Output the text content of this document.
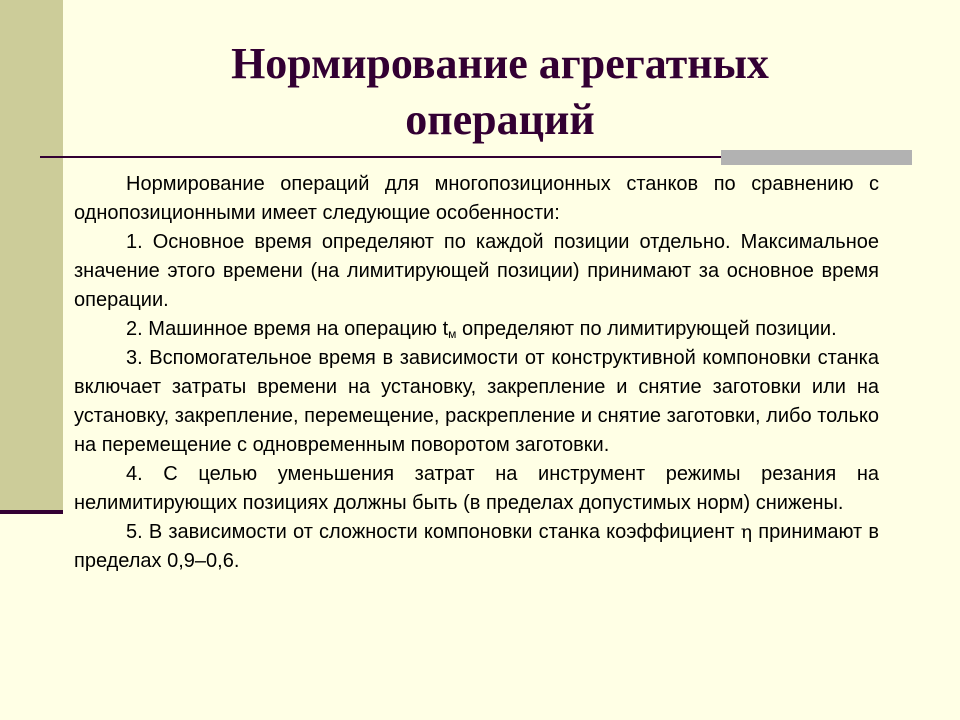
Нормирование агрегатных
операций

Нормирование операций для многопозиционных станков по сравнению с однопозиционными имеет следующие особенности:

1. Основное время определяют по каждой позиции отдельно. Максимальное значение этого времени (на лимитирующей позиции) принимают за основное время операции.

2. Машинное время на операцию $t_м$ определяют по лимитирующей позиции.

3. Вспомогательное время в зависимости от конструктивной компоновки станка включает затраты времени на установку, закрепление и снятие заготовки или на установку, закрепление, перемещение, раскрепление и снятие заготовки, либо только на перемещение с одновременным поворотом заготовки.

4. С целью уменьшения затрат на инструмент режимы резания на нелимитирующих позициях должны быть (в пределах допустимых норм) снижены.

5. В зависимости от сложности компоновки станка коэффициент η принимают в пределах 0,9–0,6.
